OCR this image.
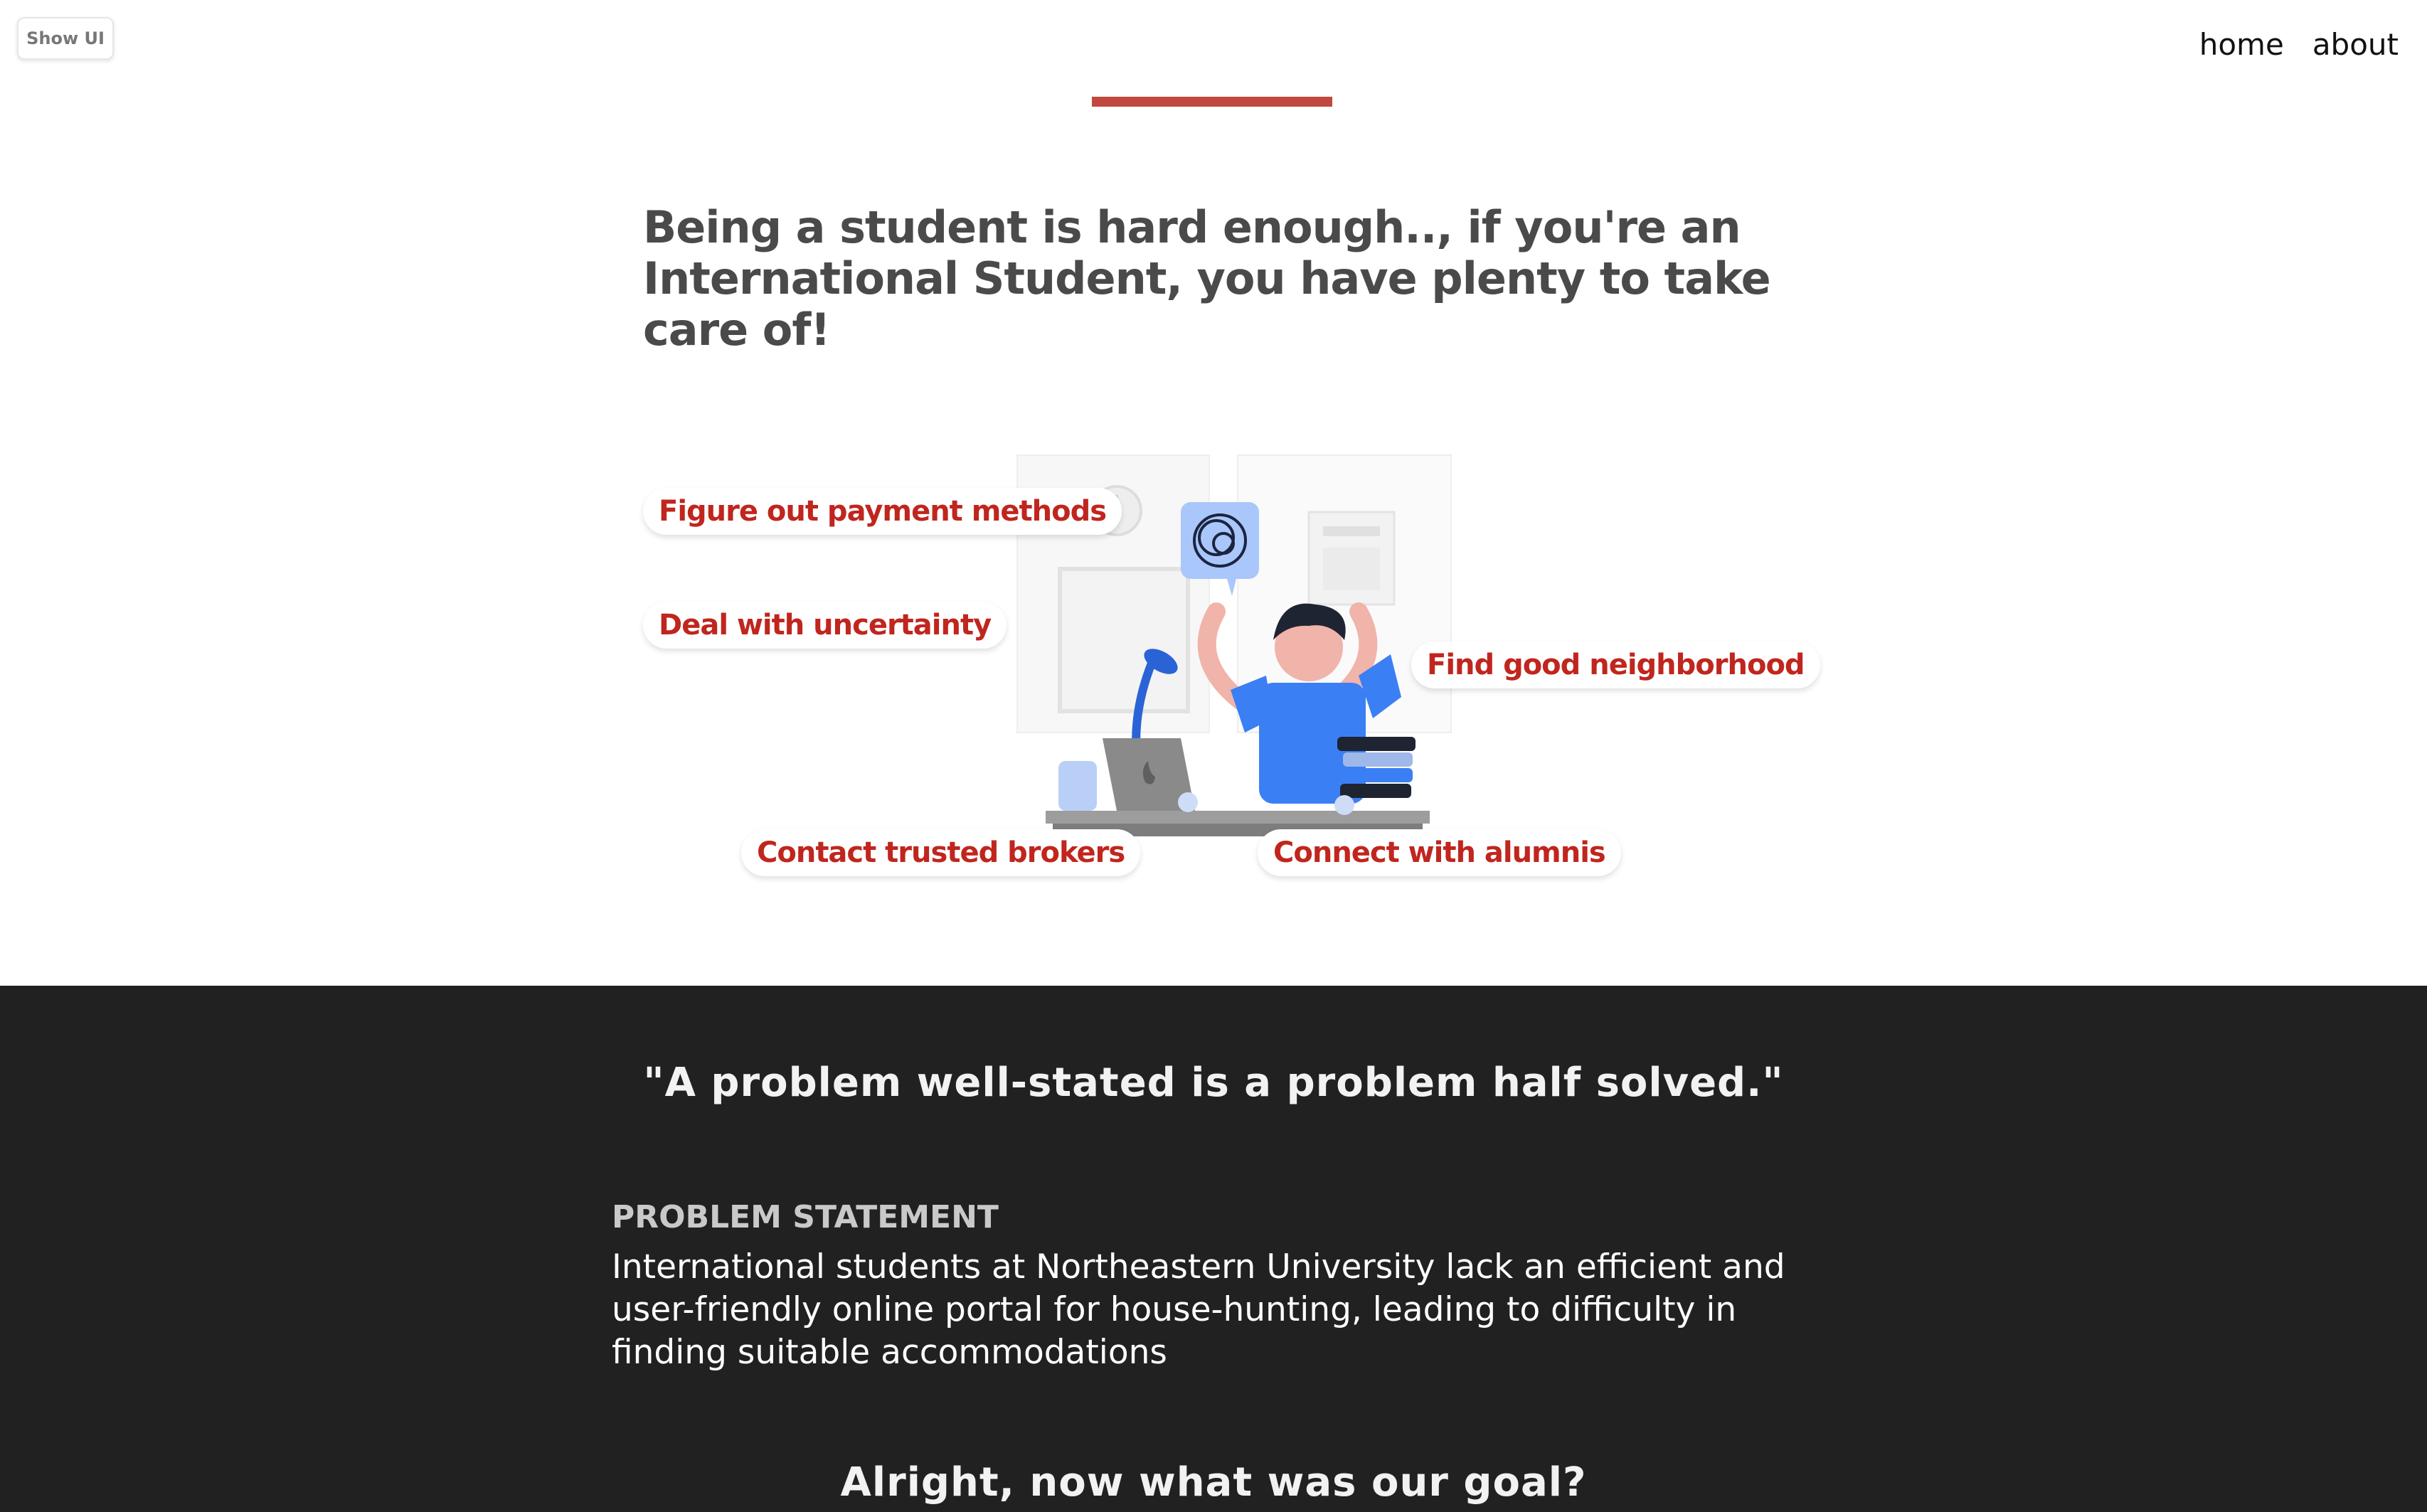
Show UI	home about
Being a student is hard enough.., if you're an
International Student, you have plenty to take care of!
Figure out payment methods
Deal with uncertainty
Find good neighborhood
Contact trusted brokers	Connect with alumnis
"A problem well-stated is a problem half solved."
PROBLEM STATEMENT

International students at Northeastern University lack an efficient and user-friendly online portal for house-hunting, leading to difficulty in finding suitable accommodations

Alright, now what was our goal?
